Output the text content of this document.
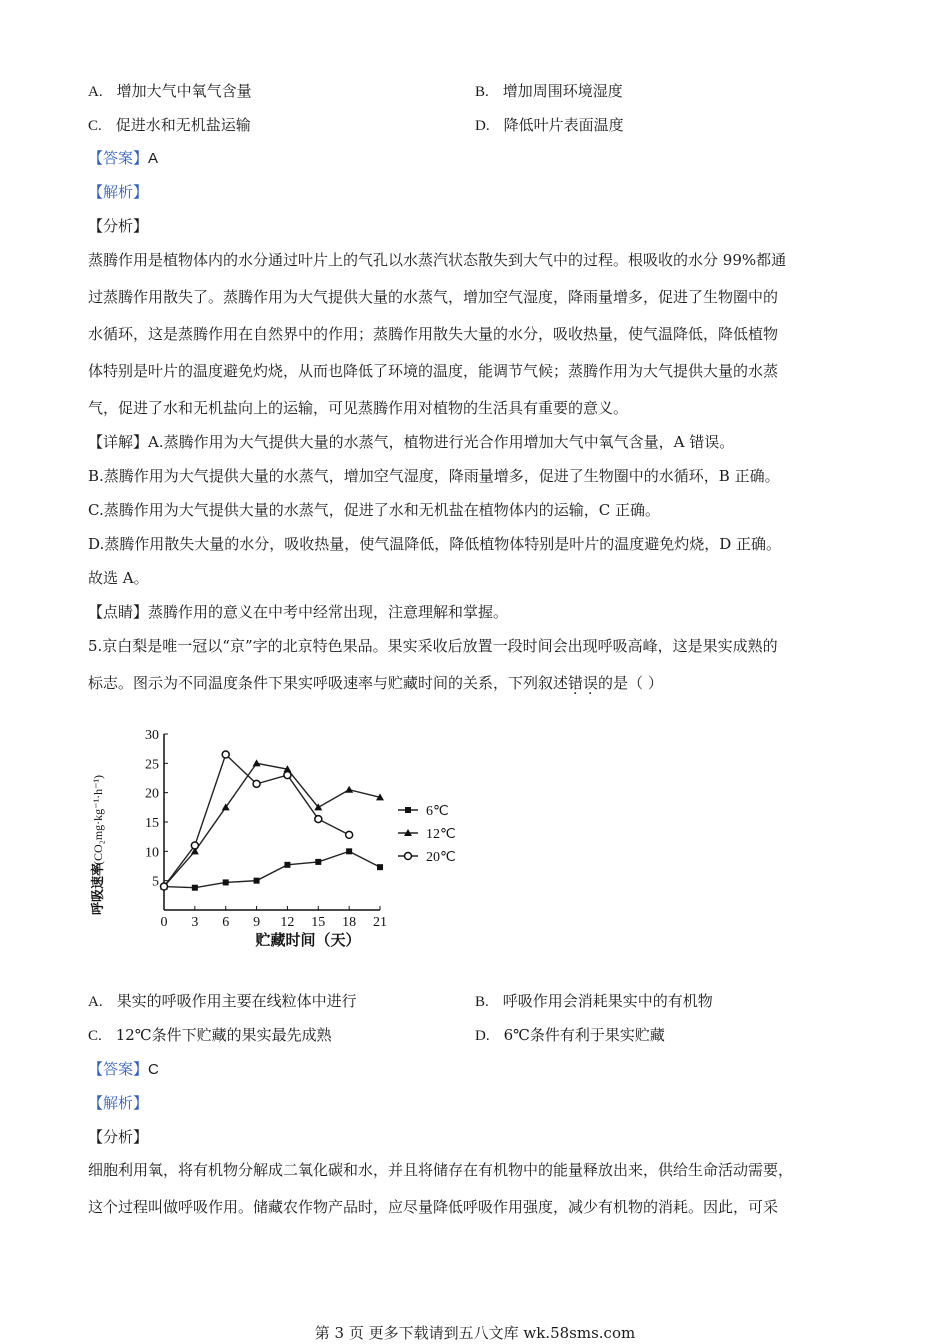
A. 增加大气中氧气含量	B. 增加周围环境湿度
C. 促进水和无机盐运输	D. 降低叶片表面温度
【答案】A
【解析】
【分析】
蒸腾作用是植物体内的水分通过叶片上的气孔以水蒸汽状态散失到大气中的过程。根吸收的水分 99%都通
过蒸腾作用散失了。蒸腾作用为大气提供大量的水蒸气，增加空气湿度，降雨量增多，促进了生物圈中的
水循环，这是蒸腾作用在自然界中的作用；蒸腾作用散失大量的水分，吸收热量，使气温降低，降低植物
体特别是叶片的温度避免灼烧，从而也降低了环境的温度，能调节气候；蒸腾作用为大气提供大量的水蒸
气，促进了水和无机盐向上的运输，可见蒸腾作用对植物的生活具有重要的意义。
【详解】A.蒸腾作用为大气提供大量的水蒸气，植物进行光合作用增加大气中氧气含量，A 错误。
B.蒸腾作用为大气提供大量的水蒸气，增加空气湿度，降雨量增多，促进了生物圈中的水循环，B 正确。
C.蒸腾作用为大气提供大量的水蒸气，促进了水和无机盐在植物体内的运输，C 正确。
D.蒸腾作用散失大量的水分，吸收热量，使气温降低，降低植物体特别是叶片的温度避免灼烧，D 正确。
故选 A。
【点睛】蒸腾作用的意义在中考中经常出现，注意理解和掌握。
5.京白梨是唯一冠以“京”字的北京特色果品。果实采收后放置一段时间会出现呼吸高峰，这是果实成熟的
标志。图示为不同温度条件下果实呼吸速率与贮藏时间的关系，下列叙述错误的是（ ）
0 3 6 9 12 15 18 21
5
10
15
20
25
30
6℃
12℃
20℃
贮藏时间（天）
呼吸速率
(CO₂mg·kg⁻¹·h⁻¹)
A. 果实的呼吸作用主要在线粒体中进行	B. 呼吸作用会消耗果实中的有机物
C. 12℃条件下贮藏的果实最先成熟	D. 6℃条件有利于果实贮藏
【答案】C
【解析】
【分析】
细胞利用氧，将有机物分解成二氧化碳和水，并且将储存在有机物中的能量释放出来，供给生命活动需要，
这个过程叫做呼吸作用。储藏农作物产品时，应尽量降低呼吸作用强度，减少有机物的消耗。因此，可采
第 3 页 更多下载请到五八文库 wk.58sms.com
